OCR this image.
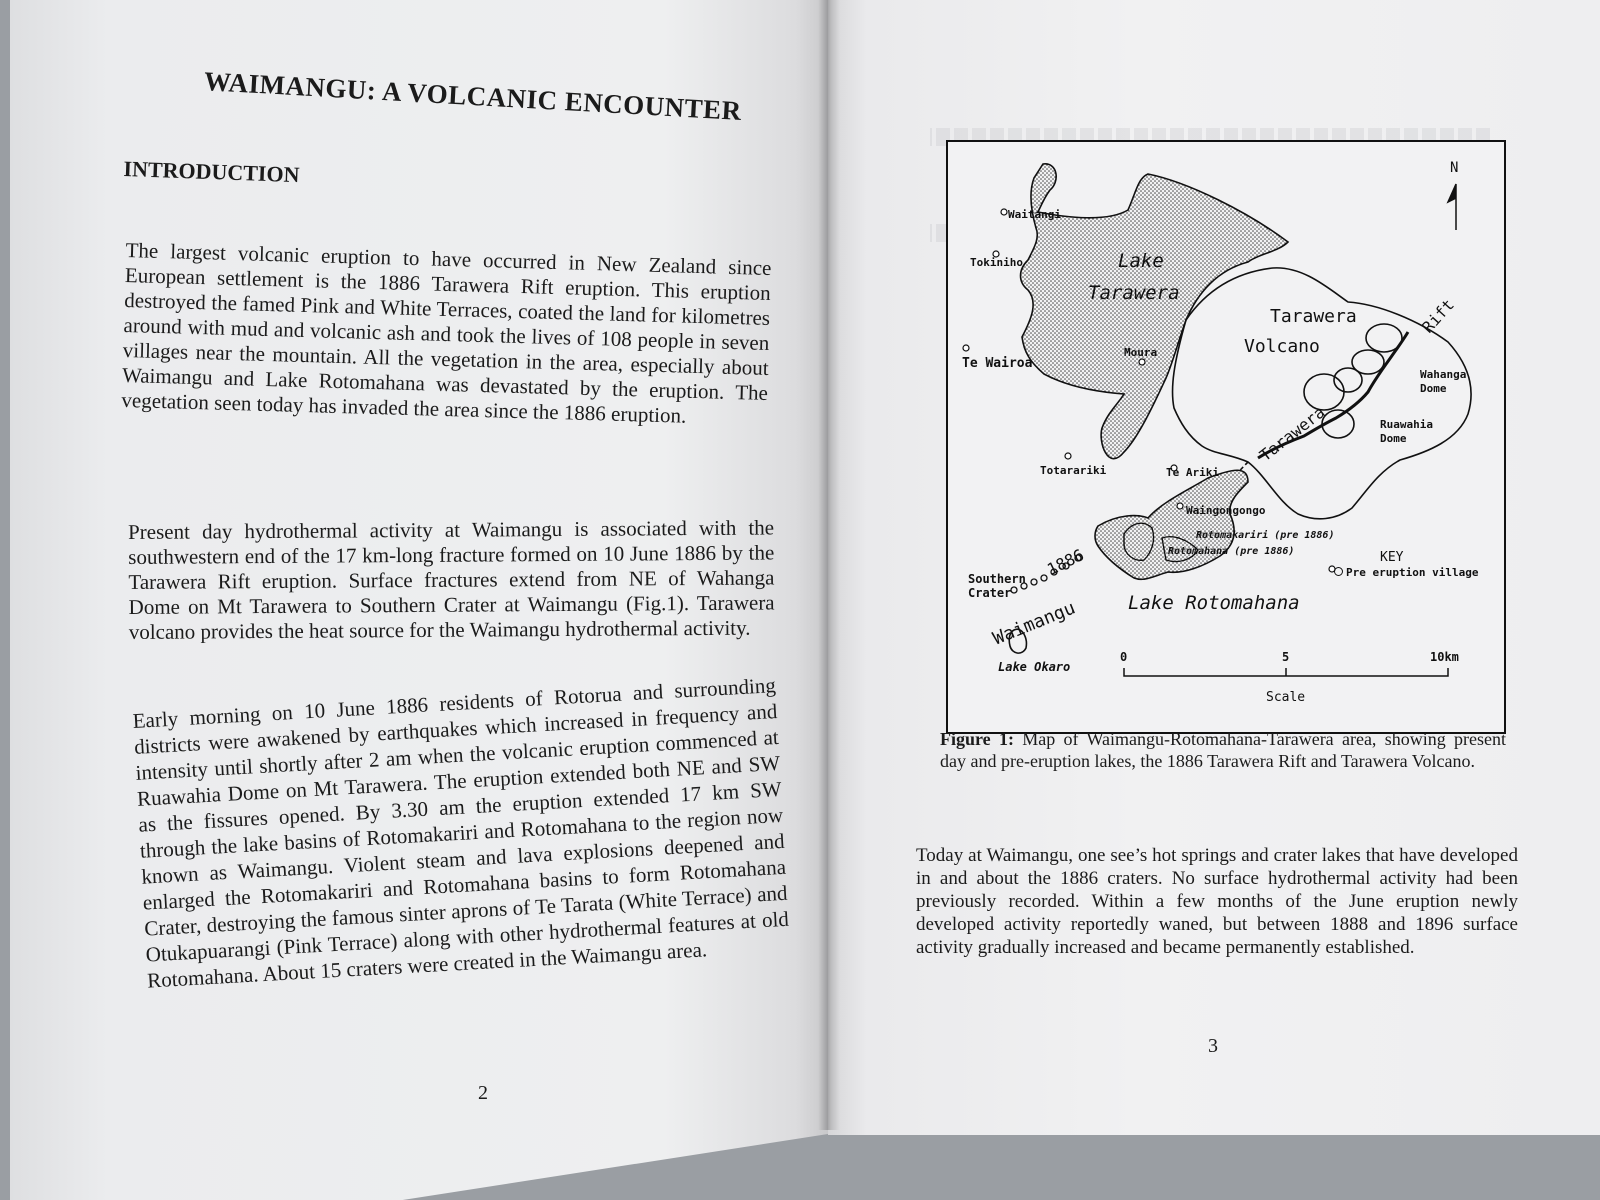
WAIMANGU: A VOLCANIC ENCOUNTER
INTRODUCTION
The largest volcanic eruption to have occurred in New Zealand since European settlement is the 1886 Tarawera Rift eruption. This eruption destroyed the famed Pink and White Terraces, coated the land for kilometres around with mud and volcanic ash and took the lives of 108 people in seven villages near the mountain. All the vegetation in the area, especially about Waimangu and Lake Rotomahana was devastated by the eruption. The vegetation seen today has invaded the area since the 1886 eruption.
Present day hydrothermal activity at Waimangu is associated with the southwestern end of the 17 km-long fracture formed on 10 June 1886 by the Tarawera Rift eruption. Surface fractures extend from NE of Wahanga Dome on Mt Tarawera to Southern Crater at Waimangu (Fig.1). Tarawera volcano provides the heat source for the Waimangu hydrothermal activity.
Early morning on 10 June 1886 residents of Rotorua and surrounding districts were awakened by earthquakes which increased in frequency and intensity until shortly after 2 am when the volcanic eruption commenced at Ruawahia Dome on Mt Tarawera. The eruption extended both NE and SW as the fissures opened. By 3.30 am the eruption extended 17 km SW through the lake basins of Rotomakariri and Rotomahana to the region now known as Waimangu. Violent steam and lava explosions deepened and enlarged the Rotomakariri and Rotomahana basins to form Rotomahana Crater, destroying the famous sinter aprons of Te Tarata (White Terrace) and Otukapuarangi (Pink Terrace) along with other hydrothermal features at old Rotomahana. About 15 craters were created in the Waimangu area.
2
Waitangi
Tokiniho
Te Wairoa
Lake
Tarawera
Moura
Tarawera
Volcano
Rift
Wahanga
Dome
Tarawera	Ruawahia
Dome
Totarariki	Te Ariki
Waingongongo
Rotomakariri (pre 1886)
Rotomahana (pre 1886)
Southern
Crater
1886
Waimangu	Lake Rotomahana
Lake Okaro
N
KEY
Pre eruption village
0	5	10km
Scale
Figure 1: Map of Waimangu-Rotomahana-Tarawera area, showing present day and pre-eruption lakes, the 1886 Tarawera Rift and Tarawera Volcano.
Today at Waimangu, one see’s hot springs and crater lakes that have developed in and about the 1886 craters. No surface hydrothermal activity had been previously recorded. Within a few months of the June eruption newly developed activity reportedly waned, but between 1888 and 1896 surface activity gradually increased and became permanently established.
3
